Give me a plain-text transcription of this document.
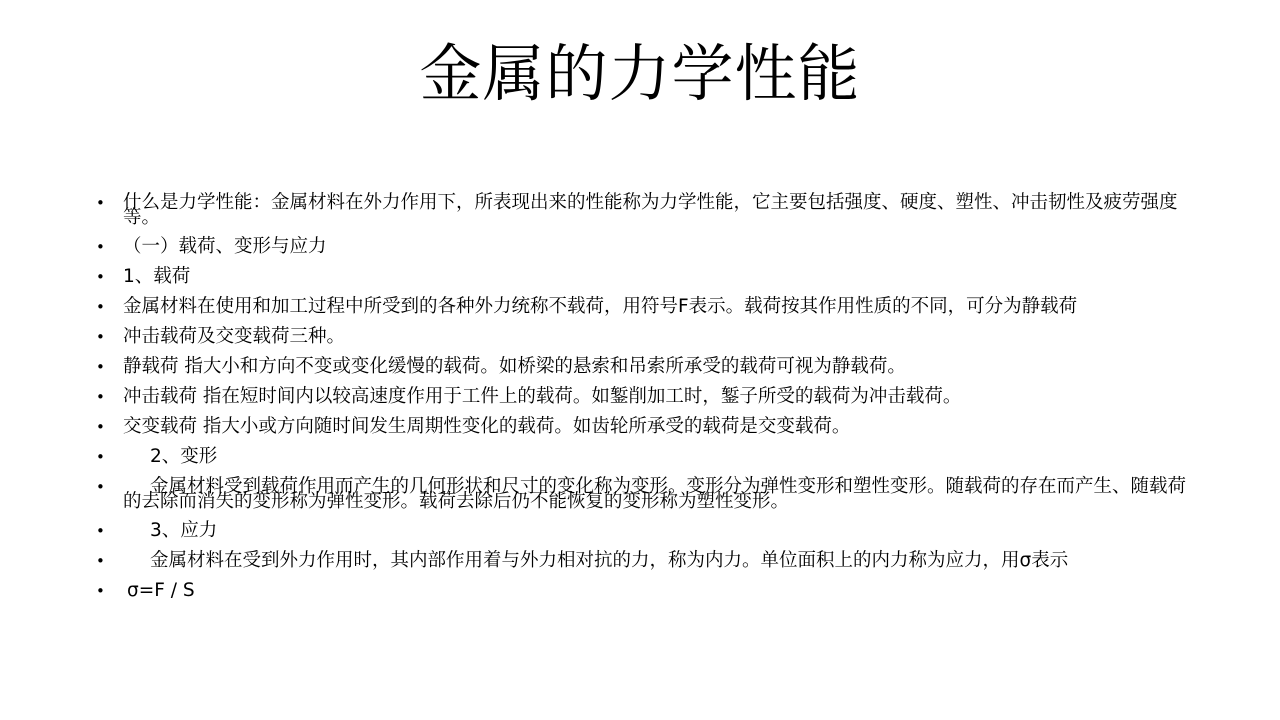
金属的力学性能
• 什么是力学性能：金属材料在外力作用下，所表现出来的性能称为力学性能，它主要包括强度、硬度、塑性、冲击韧性及疲劳强度等。
• （一）载荷、变形与应力
• 1、载荷
• 金属材料在使用和加工过程中所受到的各种外力统称不载荷，用符号F表示。载荷按其作用性质的不同，可分为静载荷
• 冲击载荷及交变载荷三种。
• 静载荷 指大小和方向不变或变化缓慢的载荷。如桥梁的悬索和吊索所承受的载荷可视为静载荷。
• 冲击载荷 指在短时间内以较高速度作用于工件上的载荷。如錾削加工时，錾子所受的载荷为冲击载荷。
• 交变载荷 指大小或方向随时间发生周期性变化的载荷。如齿轮所承受的载荷是交变载荷。
•	2、变形
•	金属材料受到载荷作用而产生的几何形状和尺寸的变化称为变形。变形分为弹性变形和塑性变形。随载荷的存在而产生、随载荷的去除而消失的变形称为弹性变形。载荷去除后仍不能恢复的变形称为塑性变形。
•	3、应力
•	金属材料在受到外力作用时，其内部作用着与外力相对抗的力，称为内力。单位面积上的内力称为应力，用σ表示
• σ=F / S
